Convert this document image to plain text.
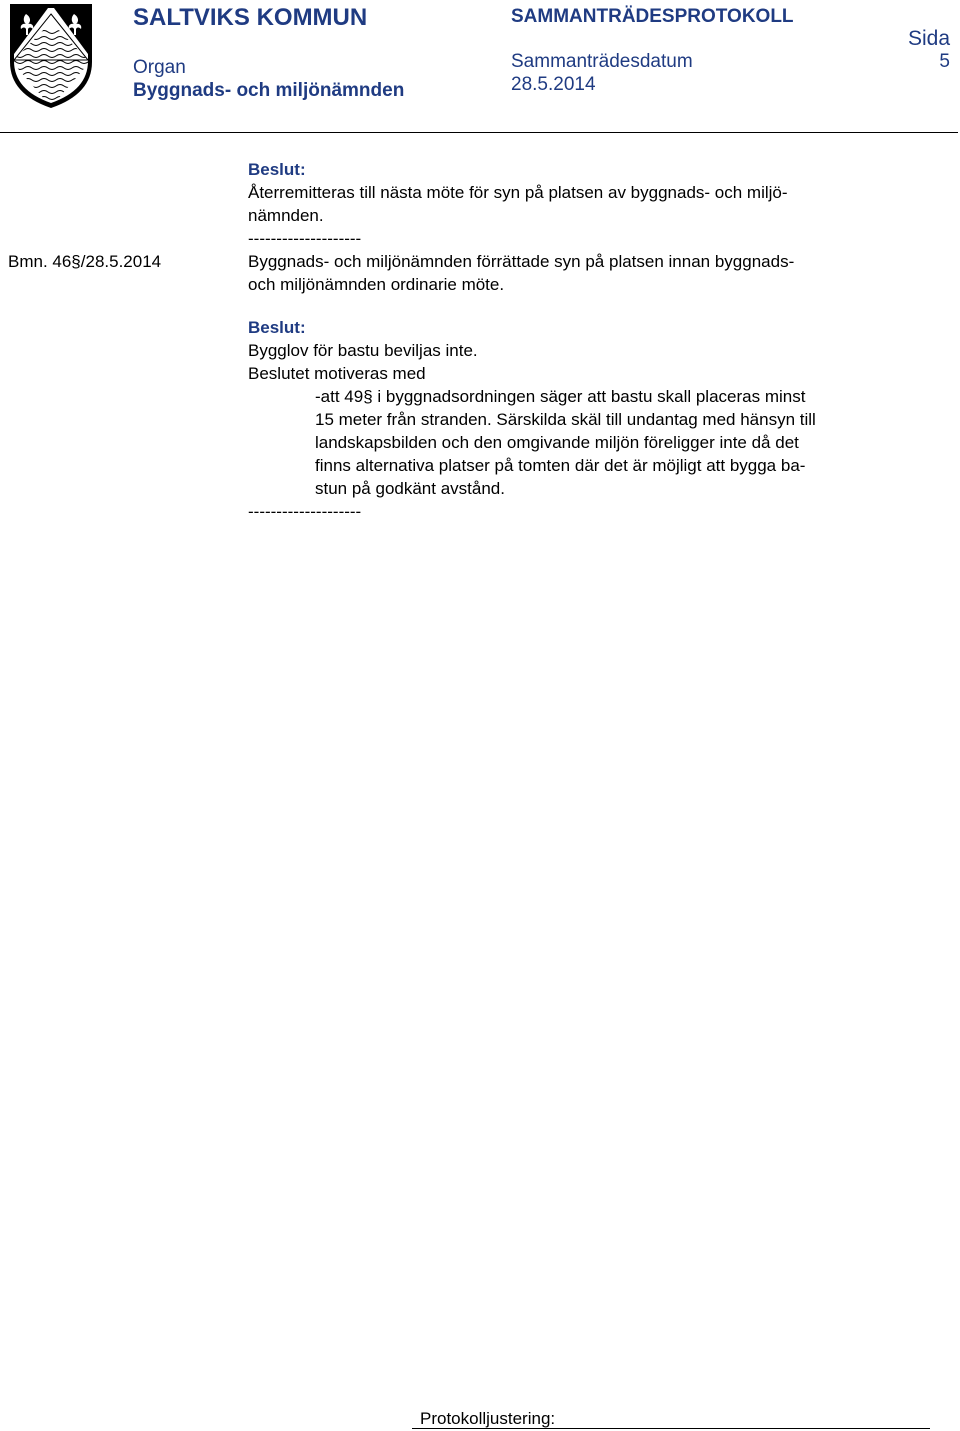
SALTVIKS KOMMUN
Organ
Byggnads- och miljönämnden
SAMMANTRÄDESPROTOKOLL
Sammanträdesdatum
28.5.2014
Sida
5
Bmn. 46§/28.5.2014

Beslut:

Återremitteras till nästa möte för syn på platsen av byggnads- och miljö-

nämnden.

--------------------

Byggnads- och miljönämnden förrättade syn på platsen innan byggnads-

och miljönämnden ordinarie möte.

Beslut:

Bygglov för bastu beviljas inte.

Beslutet motiveras med

-att 49§ i byggnadsordningen säger att bastu skall placeras minst

15 meter från stranden. Särskilda skäl till undantag med hänsyn till

landskapsbilden och den omgivande miljön föreligger inte då det

finns alternativa platser på tomten där det är möjligt att bygga ba-

stun på godkänt avstånd.

--------------------

Protokolljustering:
